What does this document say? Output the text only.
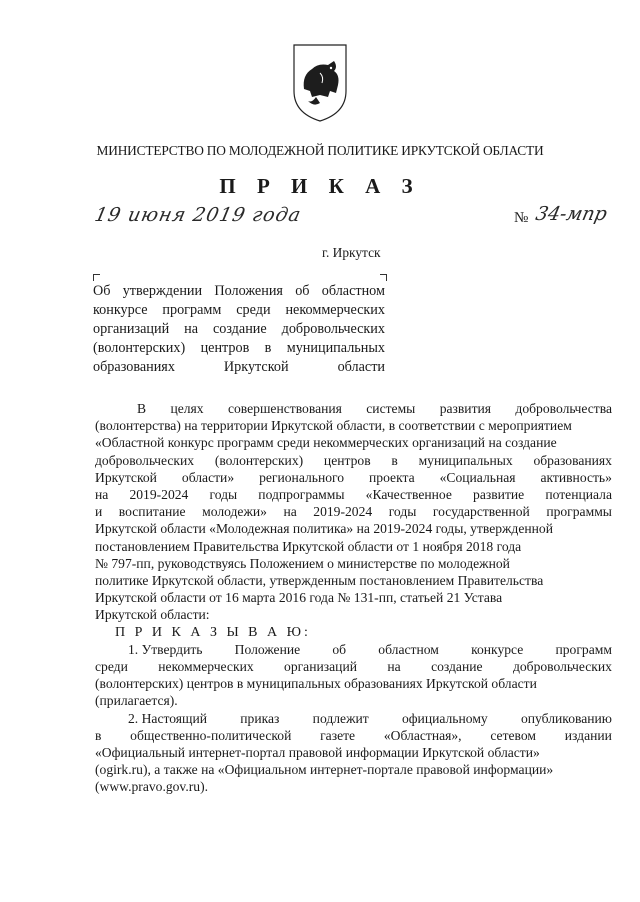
МИНИСТЕРСТВО ПО МОЛОДЕЖНОЙ ПОЛИТИКЕ ИРКУТСКОЙ ОБЛАСТИ
П Р И К А З
19 июня 2019 года	№ 34-мпр
г. Иркутск
Об утверждении Положения об областном
конкурсе программ среди некоммерческих
организаций на создание добровольческих
(волонтерских) центров в муниципальных
образованиях	Иркутской	области
В целях совершенствования системы развития добровольчества
(волонтерства) на территории Иркутской области, в соответствии с мероприятием
«Областной конкурс программ среди некоммерческих организаций на создание
добровольческих (волонтерских) центров в муниципальных образованиях
Иркутской области» регионального проекта «Социальная активность»
на 2019-2024 годы подпрограммы «Качественное развитие потенциала
и воспитание молодежи» на 2019-2024 годы государственной программы
Иркутской области «Молодежная политика» на 2019-2024 годы, утвержденной
постановлением Правительства Иркутской области от 1 ноября 2018 года
№ 797-пп, руководствуясь Положением о министерстве по молодежной
политике Иркутской области, утвержденным постановлением Правительства
Иркутской области от 16 марта 2016 года № 131-пп, статьей 21 Устава
Иркутской области:
П Р И К А З Ы В А Ю:
1. Утвердить Положение об областном конкурсе программ
среди некоммерческих организаций на создание добровольческих
(волонтерских) центров в муниципальных образованиях Иркутской области
(прилагается).
2. Настоящий приказ подлежит официальному опубликованию
в общественно-политической газете «Областная», сетевом издании
«Официальный интернет-портал правовой информации Иркутской области»
(ogirk.ru), а также на «Официальном интернет-портале правовой информации»
(www.pravo.gov.ru).
